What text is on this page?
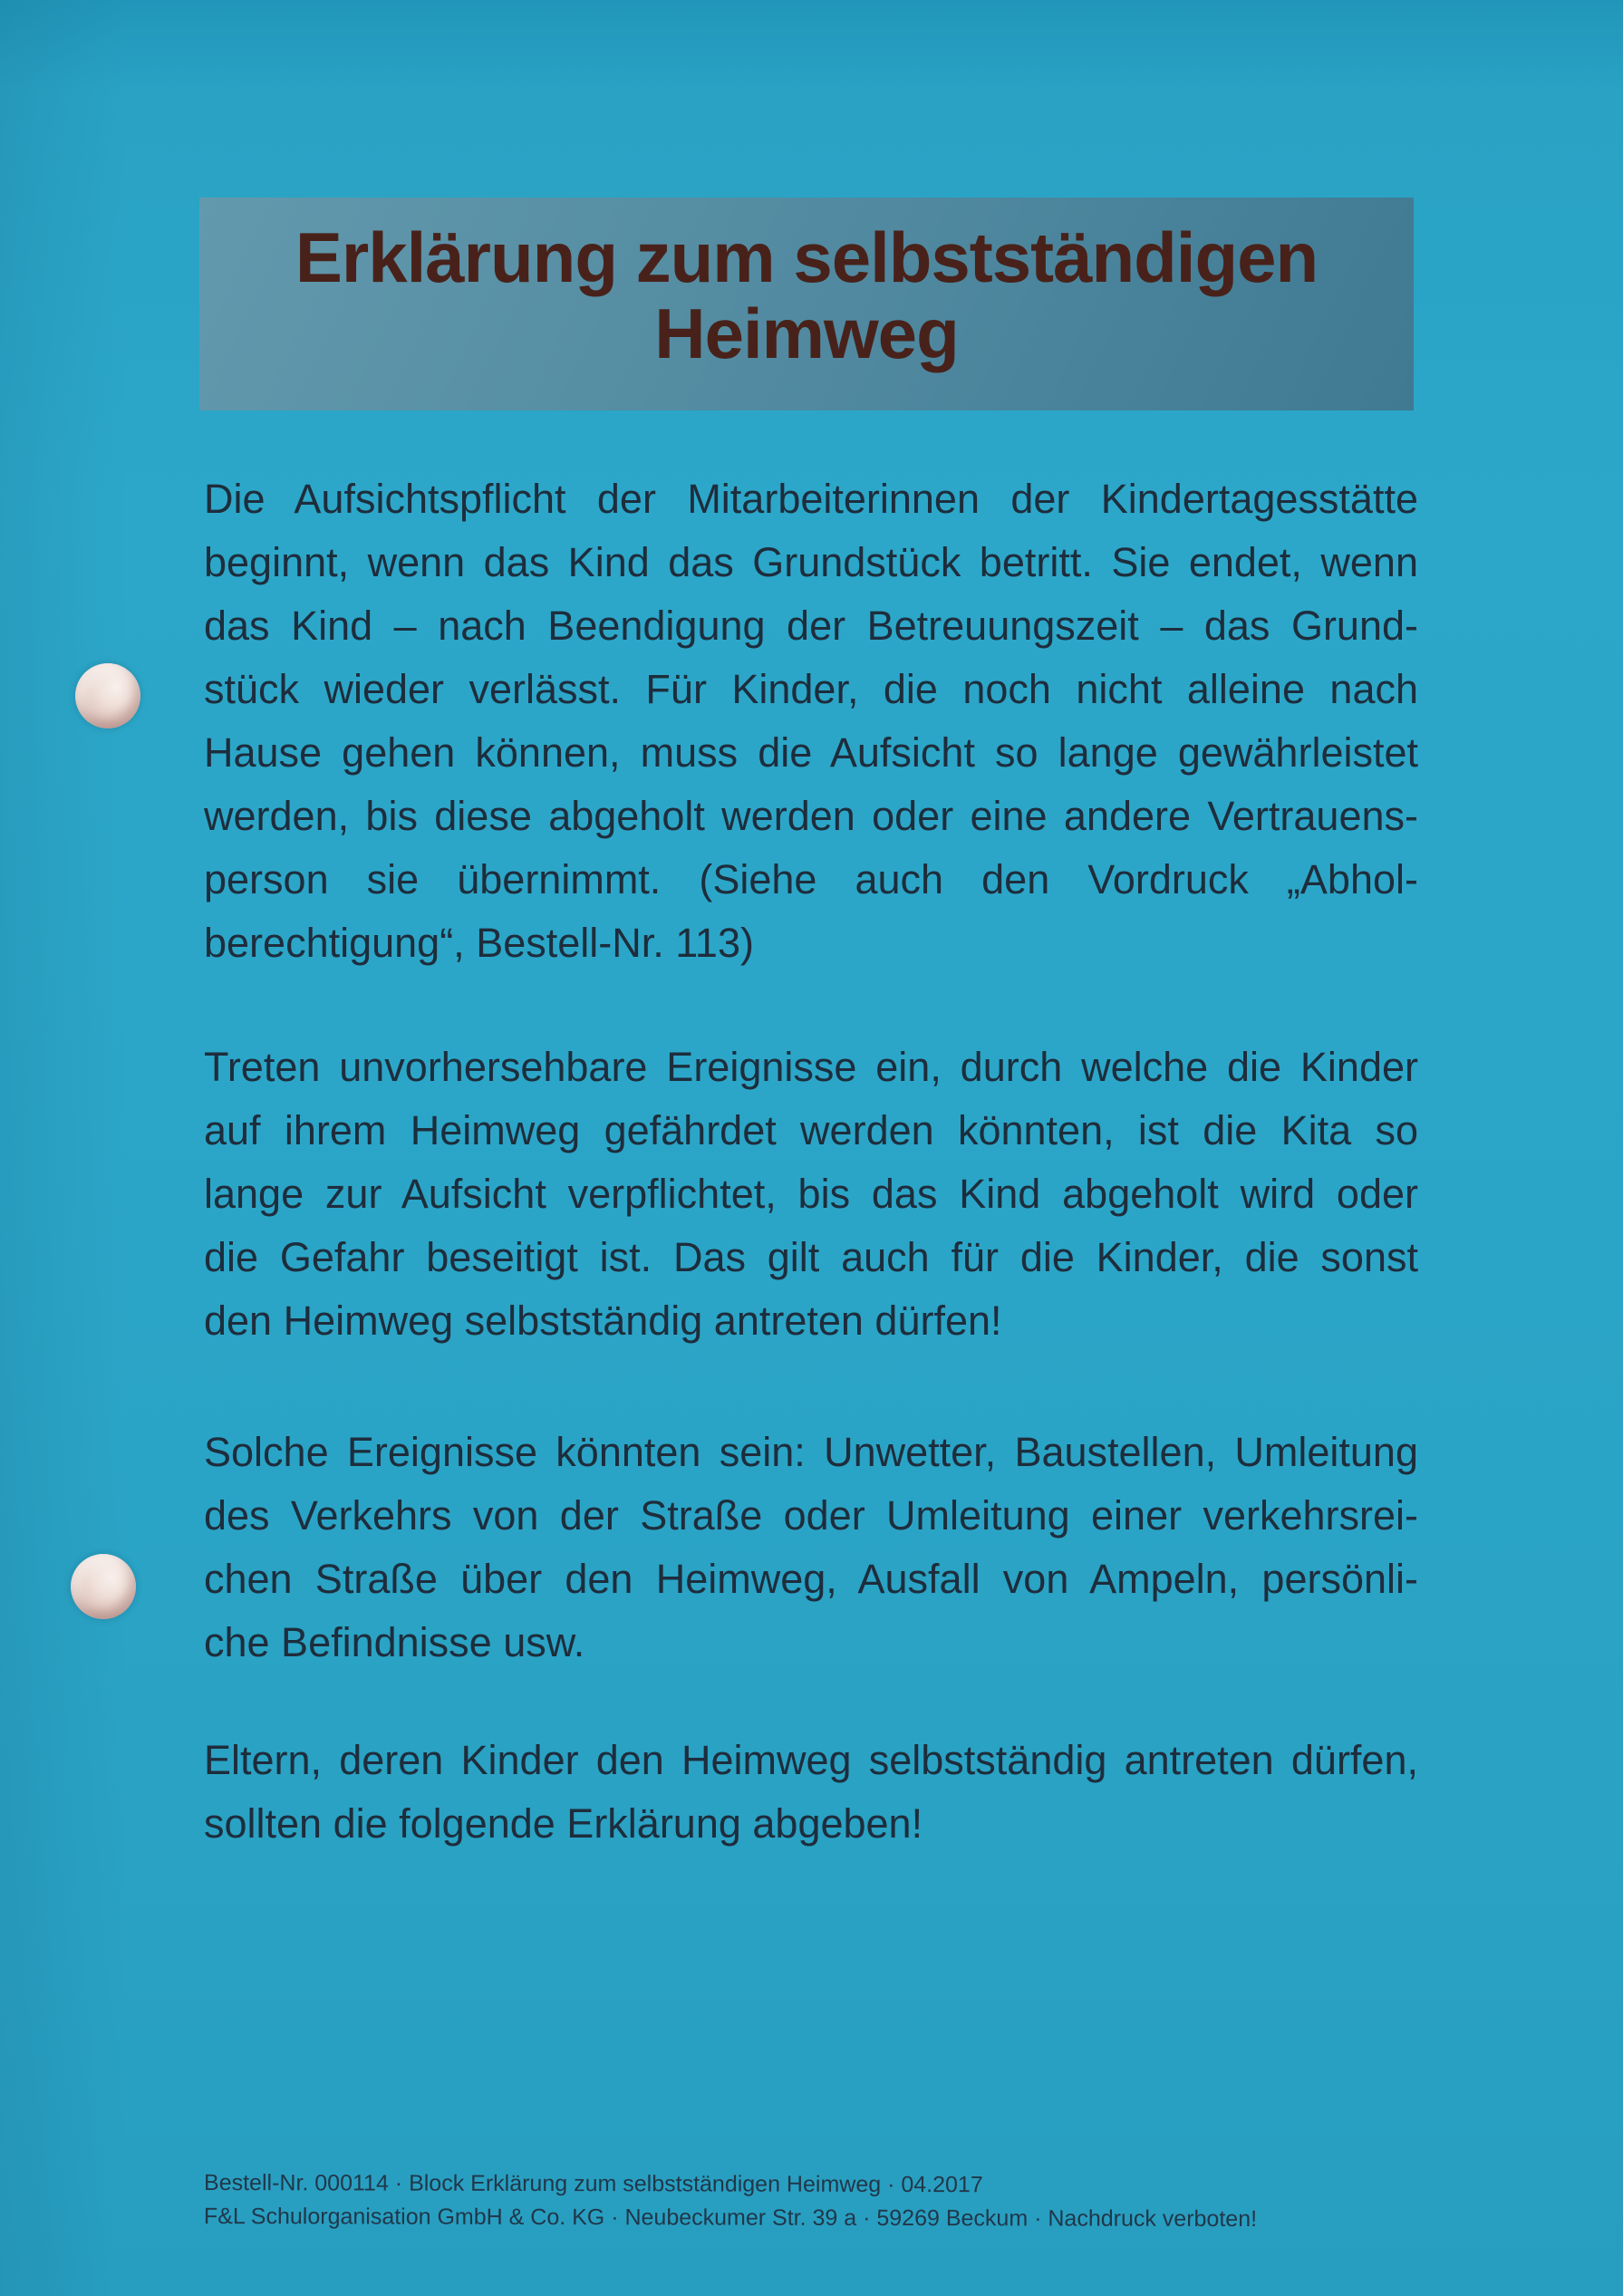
Erklärung zum selbstständigen
Heimweg
Die Aufsichtspflicht der Mitarbeiterinnen der Kindertagesstätte
beginnt, wenn das Kind das Grundstück betritt. Sie endet, wenn
das Kind – nach Beendigung der Betreuungszeit – das Grund-
stück wieder verlässt. Für Kinder, die noch nicht alleine nach
Hause gehen können, muss die Aufsicht so lange gewährleistet
werden, bis diese abgeholt werden oder eine andere Vertrauens-
person sie übernimmt. (Siehe auch den Vordruck „Abhol-
berechtigung“, Bestell-Nr. 113)
Treten unvorhersehbare Ereignisse ein, durch welche die Kinder
auf ihrem Heimweg gefährdet werden könnten, ist die Kita so
lange zur Aufsicht verpflichtet, bis das Kind abgeholt wird oder
die Gefahr beseitigt ist. Das gilt auch für die Kinder, die sonst
den Heimweg selbstständig antreten dürfen!
Solche Ereignisse könnten sein: Unwetter, Baustellen, Umleitung
des Verkehrs von der Straße oder Umleitung einer verkehrsrei-
chen Straße über den Heimweg, Ausfall von Ampeln, persönli-
che Befindnisse usw.
Eltern, deren Kinder den Heimweg selbstständig antreten dürfen,
sollten die folgende Erklärung abgeben!
Bestell-Nr. 000114 · Block Erklärung zum selbstständigen Heimweg · 04.2017
F&L Schulorganisation GmbH & Co. KG · Neubeckumer Str. 39 a · 59269 Beckum · Nachdruck verboten!
